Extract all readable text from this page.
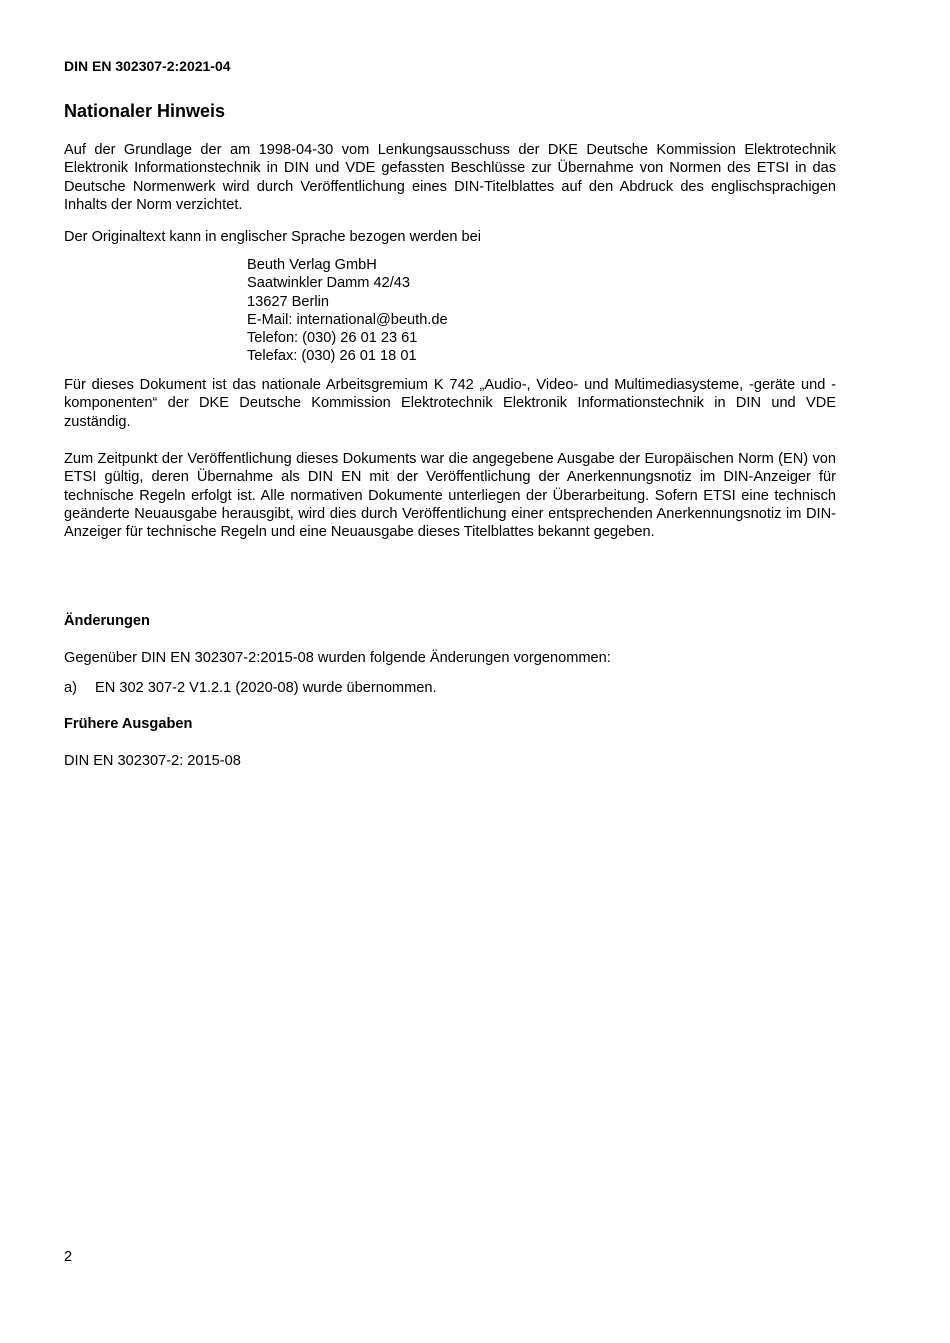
DIN EN 302307-2:2021-04
Nationaler Hinweis

Auf der Grundlage der am 1998-04-30 vom Lenkungsausschuss der DKE Deutsche Kommission Elektrotechnik Elektronik Informationstechnik in DIN und VDE gefassten Beschlüsse zur Übernahme von Normen des ETSI in das Deutsche Normenwerk wird durch Veröffentlichung eines DIN-Titelblattes auf den Abdruck des englischsprachigen Inhalts der Norm verzichtet.

Der Originaltext kann in englischer Sprache bezogen werden bei

Beuth Verlag GmbH
Saatwinkler Damm 42/43
13627 Berlin
E-Mail: international@beuth.de
Telefon: (030) 26 01 23 61
Telefax: (030) 26 01 18 01

Für dieses Dokument ist das nationale Arbeitsgremium K 742 „Audio-, Video- und Multimediasysteme, -geräte und -komponenten“ der DKE Deutsche Kommission Elektrotechnik Elektronik Informationstechnik in DIN und VDE zuständig.

Zum Zeitpunkt der Veröffentlichung dieses Dokuments war die angegebene Ausgabe der Europäischen Norm (EN) von ETSI gültig, deren Übernahme als DIN EN mit der Veröffentlichung der Anerkennungsnotiz im DIN-Anzeiger für technische Regeln erfolgt ist. Alle normativen Dokumente unterliegen der Überarbeitung. Sofern ETSI eine technisch geänderte Neuausgabe herausgibt, wird dies durch Veröffentlichung einer entsprechenden Anerkennungsnotiz im DIN-Anzeiger für technische Regeln und eine Neuausgabe dieses Titelblattes bekannt gegeben.

Änderungen

Gegenüber DIN EN 302307-2:2015-08 wurden folgende Änderungen vorgenommen:

a) EN 302 307-2 V1.2.1 (2020-08) wurde übernommen.
Frühere Ausgaben

DIN EN 302307-2: 2015-08

2
